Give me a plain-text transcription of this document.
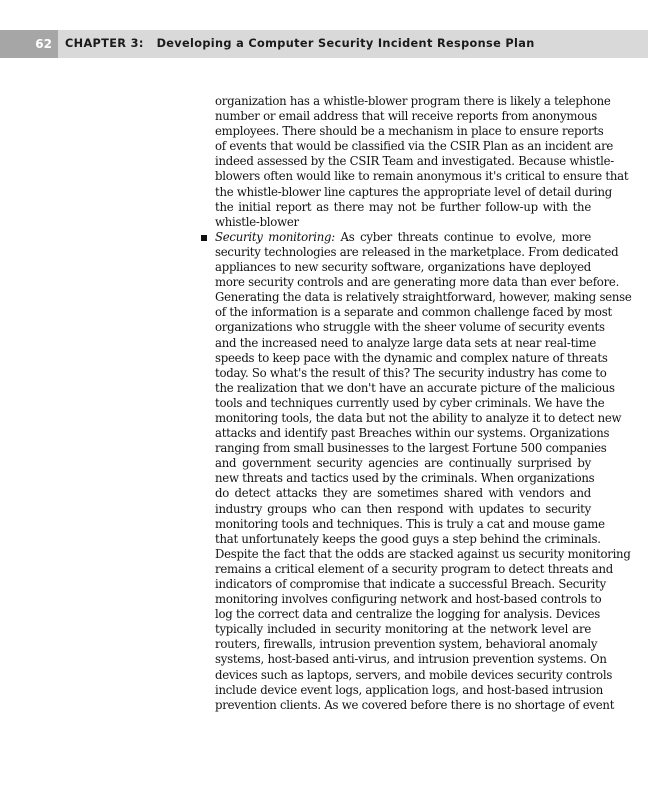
62	CHAPTER 3: Developing a Computer Security Incident Response Plan
organization has a whistle-blower program there is likely a telephone
number or email address that will receive reports from anonymous
employees. There should be a mechanism in place to ensure reports
of events that would be classified via the CSIR Plan as an incident are
indeed assessed by the CSIR Team and investigated. Because whistle-
blowers often would like to remain anonymous it's critical to ensure that
the whistle-blower line captures the appropriate level of detail during
the initial report as there may not be further follow-up with the
whistle-blower
Security monitoring: As cyber threats continue to evolve, more
security technologies are released in the marketplace. From dedicated
appliances to new security software, organizations have deployed
more security controls and are generating more data than ever before.
Generating the data is relatively straightforward, however, making sense
of the information is a separate and common challenge faced by most
organizations who struggle with the sheer volume of security events
and the increased need to analyze large data sets at near real-time
speeds to keep pace with the dynamic and complex nature of threats
today. So what's the result of this? The security industry has come to
the realization that we don't have an accurate picture of the malicious
tools and techniques currently used by cyber criminals. We have the
monitoring tools, the data but not the ability to analyze it to detect new
attacks and identify past Breaches within our systems. Organizations
ranging from small businesses to the largest Fortune 500 companies
and government security agencies are continually surprised by
new threats and tactics used by the criminals. When organizations
do detect attacks they are sometimes shared with vendors and
industry groups who can then respond with updates to security
monitoring tools and techniques. This is truly a cat and mouse game
that unfortunately keeps the good guys a step behind the criminals.
Despite the fact that the odds are stacked against us security monitoring
remains a critical element of a security program to detect threats and
indicators of compromise that indicate a successful Breach. Security
monitoring involves configuring network and host-based controls to
log the correct data and centralize the logging for analysis. Devices
typically included in security monitoring at the network level are
routers, firewalls, intrusion prevention system, behavioral anomaly
systems, host-based anti-virus, and intrusion prevention systems. On
devices such as laptops, servers, and mobile devices security controls
include device event logs, application logs, and host-based intrusion
prevention clients. As we covered before there is no shortage of event
